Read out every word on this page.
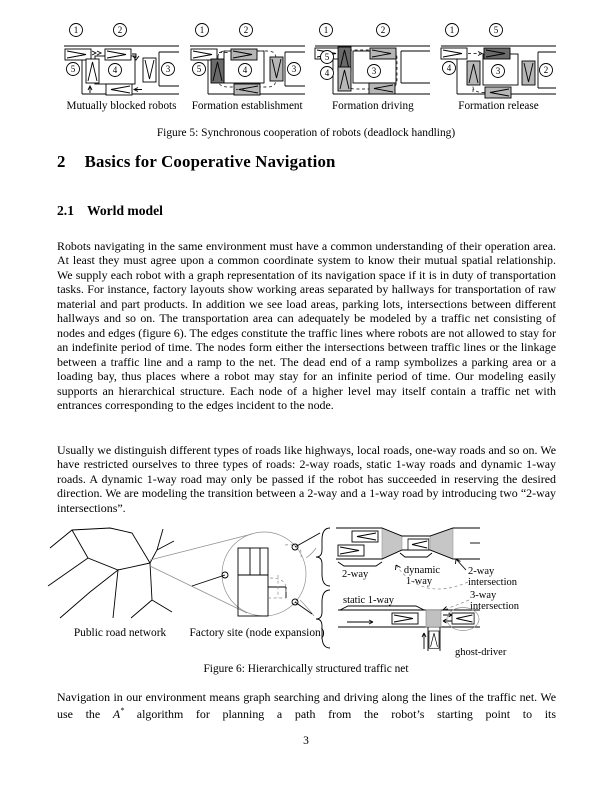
1	2
5	4	3
Mutually blocked robots
1	2
5	4	3
Formation establishment
1	2
5
4	3
Formation driving
1	5
4	3	2
Formation release
Figure 5: Synchronous cooperation of robots (deadlock handling)
2 Basics for Cooperative Navigation
2.1 World model
Robots navigating in the same environment must have a common understanding of their operation area. At least they must agree upon a common coordinate system to know their mutual spatial relationship. We supply each robot with a graph representation of its navigation space if it is in duty of transportation tasks. For instance, factory layouts show working areas separated by hallways for transportation of raw material and part products. In addition we see load areas, parking lots, intersections between different hallways and so on. The transportation area can adequately be modeled by a traffic net consisting of nodes and edges (figure 6). The edges constitute the traffic lines where robots are not allowed to stay for an indefinite period of time. The nodes form either the intersections between traffic lines or the linkage between a traffic line and a ramp to the net. The dead end of a ramp symbolizes a parking area or a loading bay, thus places where a robot may stay for an infinite period of time. Our modeling easily supports an hierarchical structure. Each node of a higher level may itself contain a traffic net with entrances corresponding to the edges incident to the node.
Usually we distinguish different types of roads like highways, local roads, one-way roads and so on. We have restricted ourselves to three types of roads: 2-way roads, static 1-way roads and dynamic 1-way roads. A dynamic 1-way road may only be passed if the robot has succeeded in reserving the desired direction. We are modeling the transition between a 2-way and a 1-way road by introducing two “2-way intersections”.
2-way	dynamic
1-way
2-way
intersection
static 1-way	3-way
intersection
ghost-driver
Public road network Factory site (node expansion)
Figure 6: Hierarchically structured traffic net
Navigation in our environment means graph searching and driving along the lines of the traffic net. We use the A* algorithm for planning a path from the robot’s starting point to its
3
